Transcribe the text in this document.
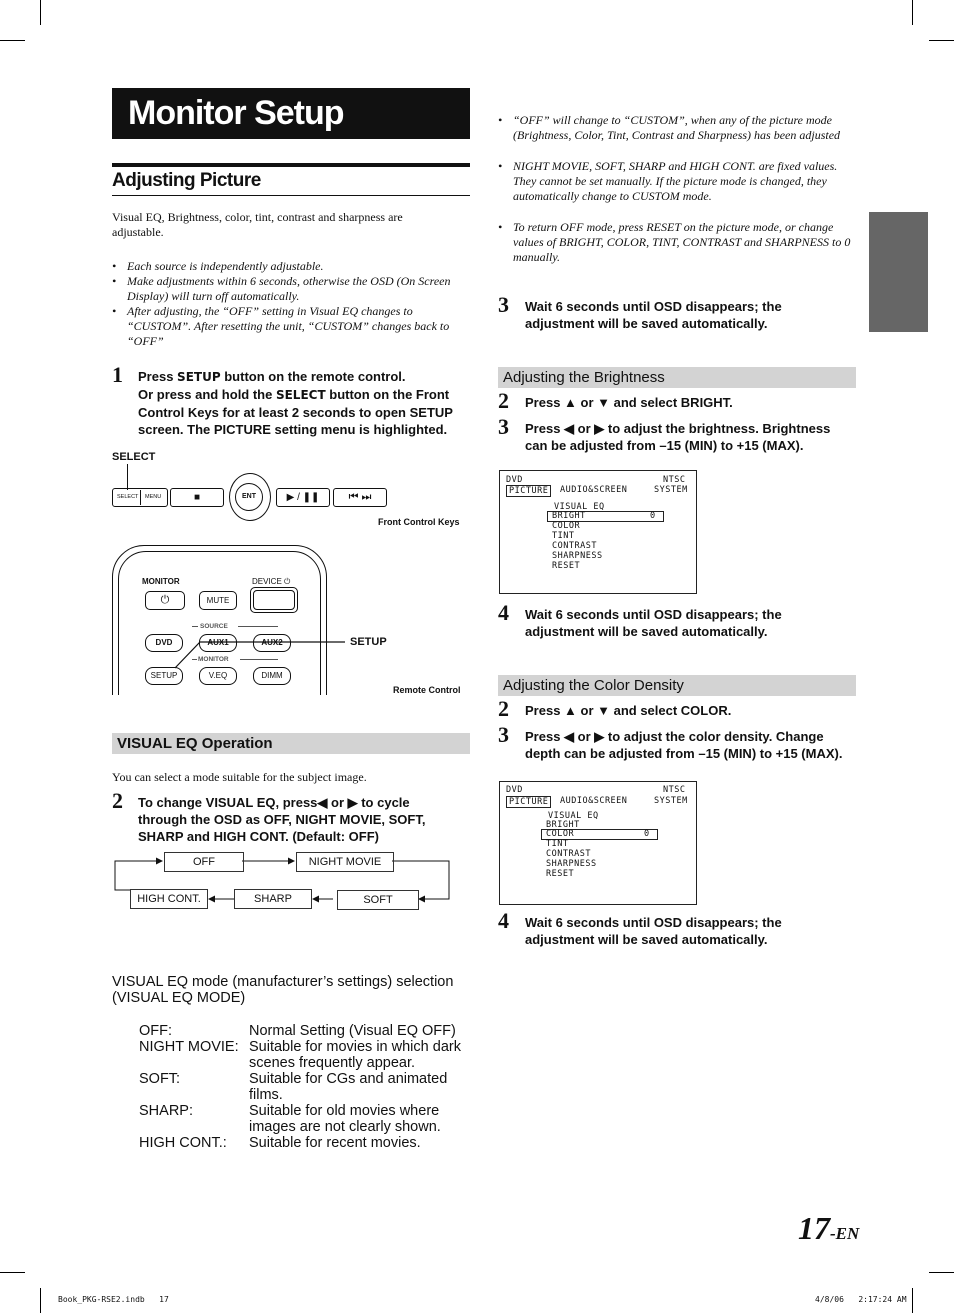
Monitor Setup
Adjusting Picture
Visual EQ, Brightness, color, tint, contrast and sharpness are adjustable.
• Each source is independently adjustable.
• Make adjustments within 6 seconds, otherwise the OSD (On Screen Display) will turn off automatically.
• After adjusting, the “OFF” setting in Visual EQ changes to “CUSTOM”. After resetting the unit, “CUSTOM” changes back to “OFF”
1 Press SETUP button on the remote control.
Or press and hold the SELECT button on the Front Control Keys for at least 2 seconds to open SETUP screen. The PICTURE setting menu is highlighted.
SELECT
SELECT MENU	■	ENT	▶ / ❚❚	⏮ ⏭
Front Control Keys
MONITOR	DEVICE ⏻
⏻	MUTE
SOURCE
DVD	AUX1	AUX2
MONITOR
SETUP	V.EQ	DIMM
SETUP
Remote Control
VISUAL EQ Operation
You can select a mode suitable for the subject image.
2 To change VISUAL EQ, press◀ or ▶ to cycle through the OSD as OFF, NIGHT MOVIE, SOFT, SHARP and HIGH CONT. (Default: OFF)
OFF	NIGHT MOVIE
HIGH CONT.	SHARP	SOFT
VISUAL EQ mode (manufacturer’s settings) selection (VISUAL EQ MODE)
OFF:	Normal Setting (Visual EQ OFF)
NIGHT MOVIE: Suitable for movies in which dark scenes frequently appear.
SOFT:	Suitable for CGs and animated films.
SHARP:	Suitable for old movies where images are not clearly shown.
HIGH CONT.:	Suitable for recent movies.
• “OFF” will change to “CUSTOM”, when any of the picture mode (Brightness, Color, Tint, Contrast and Sharpness) has been adjusted
• NIGHT MOVIE, SOFT, SHARP and HIGH CONT. are fixed values. They cannot be set manually. If the picture mode is changed, they automatically change to CUSTOM mode.
• To return OFF mode, press RESET on the picture mode, or change values of BRIGHT, COLOR, TINT, CONTRAST and SHARPNESS to 0 manually.
3 Wait 6 seconds until OSD disappears; the adjustment will be saved automatically.
Adjusting the Brightness
2 Press ▲ or ▼ and select BRIGHT.
3 Press ◀ or ▶ to adjust the brightness. Brightness can be adjusted from –15 (MIN) to +15 (MAX).
DVD	NTSC
PICTURE	AUDIO&SCREEN	SYSTEM
VISUAL EQ
BRIGHT	0
COLOR
TINT
CONTRAST
SHARPNESS
RESET
4 Wait 6 seconds until OSD disappears; the adjustment will be saved automatically.
Adjusting the Color Density
2 Press ▲ or ▼ and select COLOR.
3 Press ◀ or ▶ to adjust the color density. Change depth can be adjusted from –15 (MIN) to +15 (MAX).
DVD	NTSC
PICTURE	AUDIO&SCREEN	SYSTEM
VISUAL EQ
BRIGHT
COLOR	0
TINT
CONTRAST
SHARPNESS
RESET
4 Wait 6 seconds until OSD disappears; the adjustment will be saved automatically.
17-EN
Book_PKG-RSE2.indb   17	4/8/06   2:17:24 AM
